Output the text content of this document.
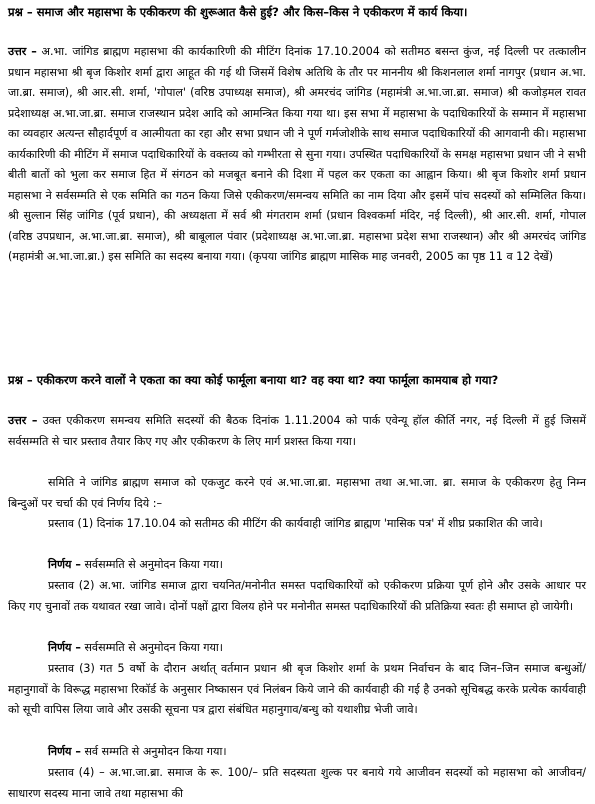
प्रश्न – समाज और महासभा के एकीकरण की शुरूआत कैसे हुई? और किस–किस ने एकीकरण में कार्य किया।

उत्तर – अ.भा. जांगिड ब्राह्मण महासभा की कार्यकारिणी की मीटिंग दिनांक 17.10.2004 को सतीमठ बसन्त कुंज, नई दिल्ली पर तत्कालीन प्रधान महासभा श्री बृज किशोर शर्मा द्वारा आहूत की गई थी जिसमें विशेष अतिथि के तौर पर माननीय श्री किशनलाल शर्मा नागपुर (प्रधान अ.भा. जा.ब्रा. समाज), श्री आर.सी. शर्मा, 'गोपाल' (वरिष्ठ उपाध्यक्ष समाज), श्री अमरचंद जांगिड (महामंत्री अ.भा.जा.ब्रा. समाज) श्री कजोड़मल रावत प्रदेशाध्यक्ष अ.भा.जा.ब्रा. समाज राजस्थान प्रदेश आदि को आमन्त्रित किया गया था। इस सभा में महासभा के पदाधिकारियों के सम्मान में महासभा का व्यवहार अत्यन्त सौहार्दपूर्ण व आत्मीयता का रहा और सभा प्रधान जी ने पूर्ण गर्मजोशीके साथ समाज पदाधिकारियों की आगवानी की। महासभा कार्यकारिणी की मीटिंग में समाज पदाधिकारियों के वक्तव्य को गम्भीरता से सुना गया। उपस्थित पदाधिकारियों के समक्ष महासभा प्रधान जी ने सभी बीती बातों को भुला कर समाज हित में संगठन को मजबूत बनाने की दिशा में पहल कर एकता का आह्वान किया। श्री बृज किशोर शर्मा प्रधान महासभा ने सर्वसम्मति से एक समिति का गठन किया जिसे एकीकरण/समन्वय समिति का नाम दिया और इसमें पांच सदस्यों को सम्मिलित किया। श्री सुल्तान सिंह जांगिड (पूर्व प्रधान), की अध्यक्षता में सर्व श्री मंगतराम शर्मा (प्रधान विश्वकर्मा मंदिर, नई दिल्ली), श्री आर.सी. शर्मा, गोपाल (वरिष्ठ उपप्रधान, अ.भा.जा.ब्रा. समाज), श्री बाबूलाल पंवार (प्रदेशाध्यक्ष अ.भा.जा.ब्रा. महासभा प्रदेश सभा राजस्थान) और श्री अमरचंद जांगिड (महामंत्री अ.भा.जा.ब्रा.) इस समिति का सदस्य बनाया गया। (कृपया जांगिड ब्राह्मण मासिक माह जनवरी, 2005 का पृष्ठ 11 व 12 देखें)

प्रश्न – एकीकरण करने वालों ने एकता का क्या कोई फार्मूला बनाया था? वह क्या था? क्या फार्मूला कामयाब हो गया?

उत्तर – उक्त एकीकरण समन्वय समिति सदस्यों की बैठक दिनांक 1.11.2004 को पार्क एवेन्यू हॉल कीर्ति नगर, नई दिल्ली में हुई जिसमें सर्वसम्मति से चार प्रस्ताव तैयार किए गए और एकीकरण के लिए मार्ग प्रशस्त किया गया।

समिति ने जांगिड ब्राह्मण समाज को एकजुट करने एवं अ.भा.जा.ब्रा. महासभा तथा अ.भा.जा. ब्रा. समाज के एकीकरण हेतु निम्न बिन्दुओं पर चर्चा की एवं निर्णय दिये :–

प्रस्ताव (1) दिनांक 17.10.04 को सतीमठ की मीटिंग की कार्यवाही जांगिड ब्राह्मण 'मासिक पत्र' में शीघ्र प्रकाशित की जावे।

निर्णय – सर्वसम्मति से अनुमोदन किया गया।

प्रस्ताव (2) अ.भा. जांगिड समाज द्वारा चयनित/मनोनीत समस्त पदाधिकारियों को एकीकरण प्रक्रिया पूर्ण होने और उसके आधार पर किए गए चुनावों तक यथावत रखा जावे। दोनों पक्षों द्वारा विलय होने पर मनोनीत समस्त पदाधिकारियों की प्रतिक्रिया स्वतः ही समाप्त हो जायेगी।

निर्णय – सर्वसम्मति से अनुमोदन किया गया।

प्रस्ताव (3) गत 5 वर्षो के दौरान अर्थात् वर्तमान प्रधान श्री बृज किशोर शर्मा के प्रथम निर्वाचन के बाद जिन–जिन समाज बन्धुओं/महानुगावों के विरूद्ध महासभा रिकॉर्ड के अनुसार निष्कासन एवं निलंबन किये जाने की कार्यवाही की गई है उनको सूचिबद्ध करके प्रत्येक कार्यवाही को सूची वापिस लिया जावे और उसकी सूचना पत्र द्वारा संबंधित महानुगाव/बन्धु को यथाशीघ्र भेजी जावे।

निर्णय – सर्व सम्मति से अनुमोदन किया गया।

प्रस्ताव (4) – अ.भा.जा.ब्रा. समाज के रू. 100/– प्रति सदस्यता शुल्क पर बनाये गये आजीवन सदस्यों को महासभा को आजीवन/साधारण सदस्य माना जावे तथा महासभा की
